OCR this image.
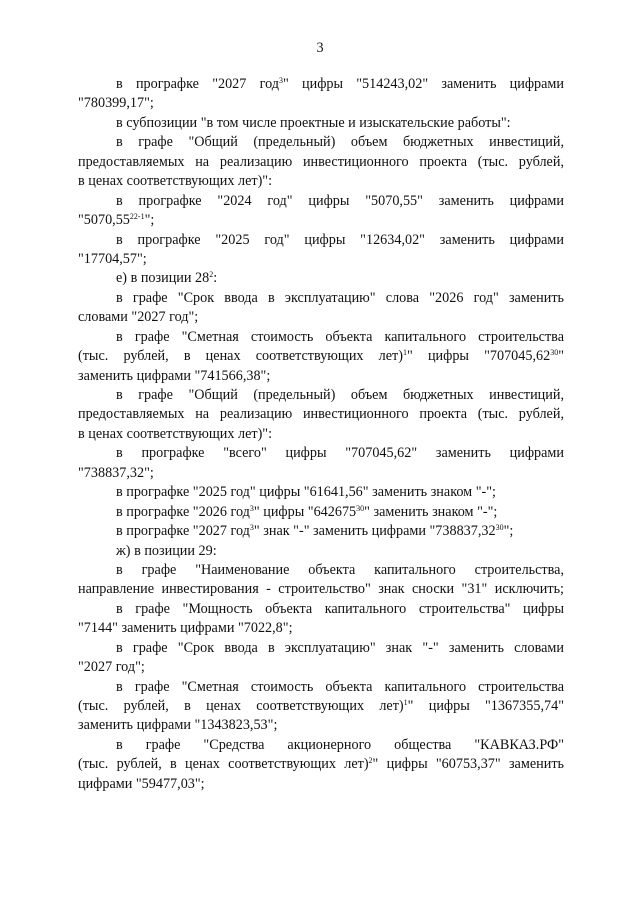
3
в прографке "2027 год$^3$" цифры "514243,02" заменить цифрами
"780399,17";
в субпозиции "в том числе проектные и изыскательские работы":
в графе "Общий (предельный) объем бюджетных инвестиций,
предоставляемых на реализацию инвестиционного проекта (тыс. рублей,
в ценах соответствующих лет)":
в прографке "2024 год" цифры "5070,55" заменить цифрами
"5070,55$^{22-1}$";
в прографке "2025 год" цифры "12634,02" заменить цифрами
"17704,57";
е) в позиции $28^2$:
в графе "Срок ввода в эксплуатацию" слова "2026 год" заменить
словами "2027 год";
в графе "Сметная стоимость объекта капитального строительства
(тыс. рублей, в ценах соответствующих лет)$^1$" цифры "707045,62$^{30}$"
заменить цифрами "741566,38";
в графе "Общий (предельный) объем бюджетных инвестиций,
предоставляемых на реализацию инвестиционного проекта (тыс. рублей,
в ценах соответствующих лет)":
в прографке "всего" цифры "707045,62" заменить цифрами
"738837,32";
в прографке "2025 год" цифры "61641,56" заменить знаком "-";
в прографке "2026 год$^3$" цифры "642675$^{30}$" заменить знаком "-";
в прографке "2027 год$^3$" знак "-" заменить цифрами "738837,32$^{30}$";
ж) в позиции 29:
в графе "Наименование объекта капитального строительства,
направление инвестирования - строительство" знак сноски "31" исключить;
в графе "Мощность объекта капитального строительства" цифры
"7144" заменить цифрами "7022,8";
в графе "Срок ввода в эксплуатацию" знак "-" заменить словами
"2027 год";
в графе "Сметная стоимость объекта капитального строительства
(тыс. рублей, в ценах соответствующих лет)$^1$" цифры "1367355,74"
заменить цифрами "1343823,53";
в графе "Средства акционерного общества "КАВКАЗ.РФ"
(тыс. рублей, в ценах соответствующих лет)$^2$" цифры "60753,37" заменить
цифрами "59477,03";
